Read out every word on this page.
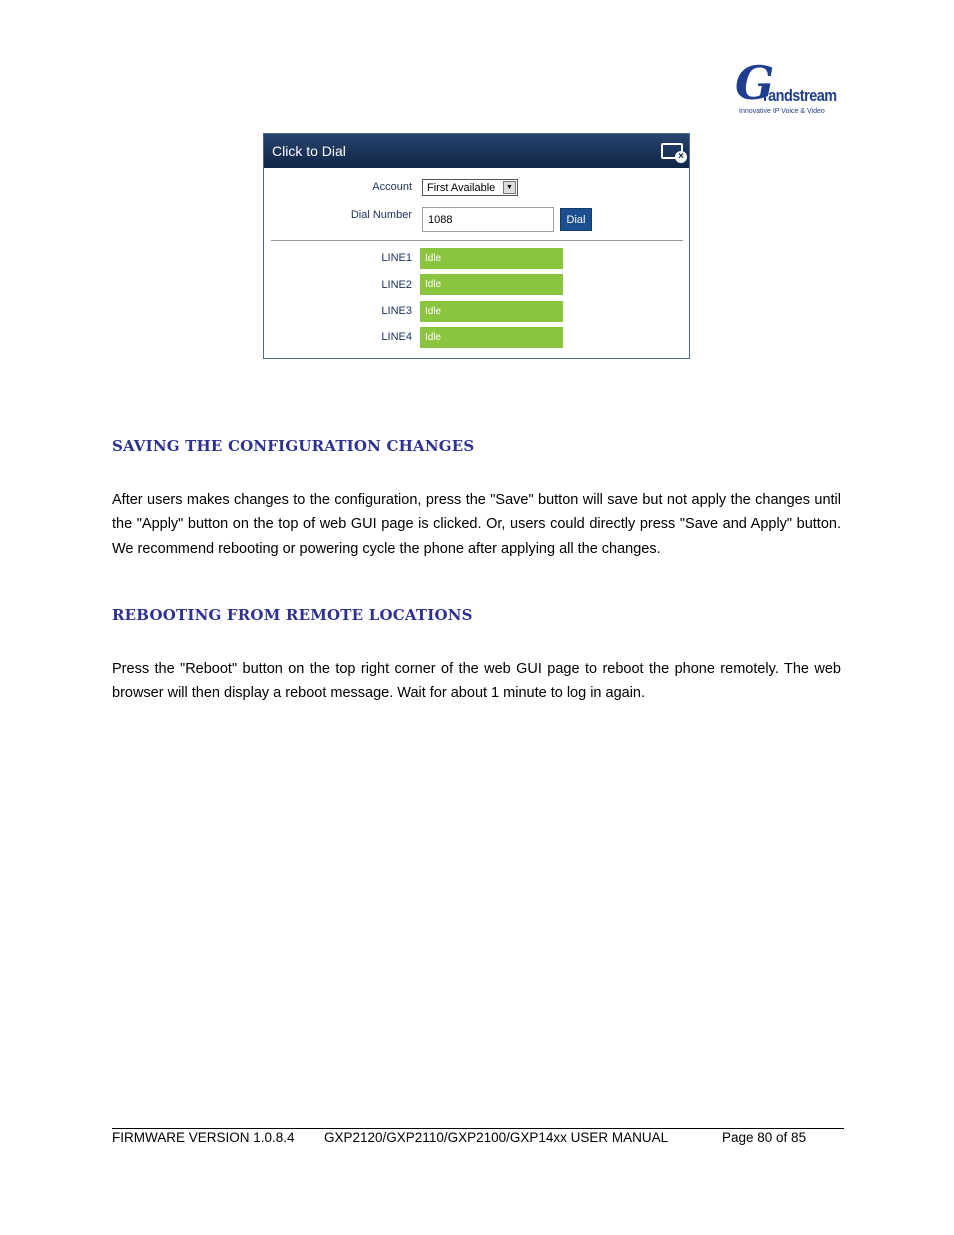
G
randstream
Innovative IP Voice & Video
Click to Dial	×
Account	First Available	▼
Dial Number	1088	Dial
LINE1	Idle
LINE2	Idle
LINE3	Idle
LINE4	Idle
SAVING THE CONFIGURATION CHANGES
After users makes changes to the configuration, press the "Save" button will save but not apply the changes until the "Apply" button on the top of web GUI page is clicked. Or, users could directly press "Save and Apply" button. We recommend rebooting or powering cycle the phone after applying all the changes.
REBOOTING FROM REMOTE LOCATIONS
Press the "Reboot" button on the top right corner of the web GUI page to reboot the phone remotely. The web browser will then display a reboot message. Wait for about 1 minute to log in again.
FIRMWARE VERSION 1.0.8.4 GXP2120/GXP2110/GXP2100/GXP14xx USER MANUAL	Page 80 of 85
